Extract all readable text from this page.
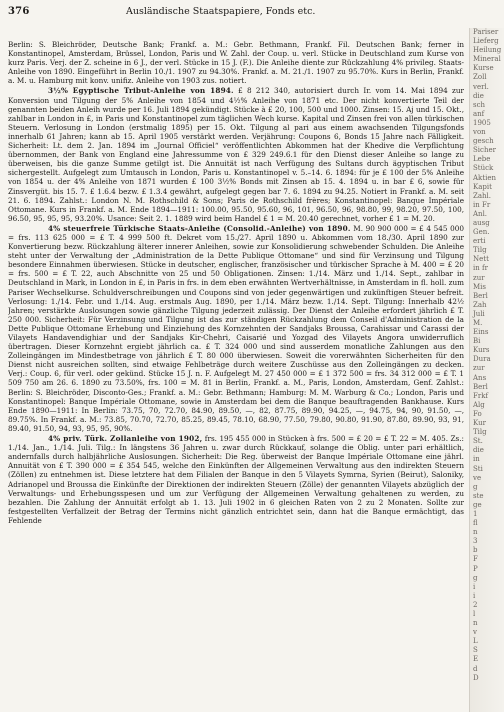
376	Ausländische Staatspapiere, Fonds etc.

Berlin: S. Bleichröder, Deutsche Bank; Frankf. a. M.: Gebr. Bethmann, Frankf. Fil. Deutschen Bank; ferner in Konstantinopel, Amsterdam, Brüssel, London, Paris und W. Zahl. der Coup. u. verl. Stücke in Deutschland zum Kurse von kurz Paris. Verj. der Z. scheine in 6 J., der verl. Stücke in 15 J. (F.). Die Anleihe diente zur Rückzahlung 4% privileg. Staats-Anleihe von 1890. Eingeführt in Berlin 10./1. 1907 zu 94.30%. Frankf. a. M. 21./1. 1907 zu 95.70%. Kurs in Berlin, Frankf. a. M. u. Hamburg mit konv. unifiz. Anleihe von 1903 zus. notiert.

3½% Egyptische Tribut-Anleihe von 1894. £ 8 212 340, autorisiert durch Ir. vom 14. Mai 1894 zur Konversion und Tilgung der 5% Anleihe von 1854 und 4½% Anleihe von 1871 etc. Der nicht konvertierte Teil der genannten beiden Anleih wurde per 16. Juli 1894 gekündigt. Stücke à £ 20, 100, 500 und 1000. Zinsen: 15. Aj und 15. Okt., zahlbar in London in £, in Paris und Konstantinopel zum täglichen Wech kurse. Kapital und Zinsen frei von allen türkischen Steuern. Verlosung in London (erstmalig 1895) per 15. Okt. Tilgung al pari aus einem awachsenden Tilgungsfonds innerhalb 61 Jahren; kann ab 15. April 1905 verstärkt werden. Verjährung: Coupons 6, Bonds 15 Jahre nach Fälligkeit. Sicherheit: Lt. dem 2. Jan. 1894 im „Journal Officiel“ veröffentlichten Abkommen hat der Khedive die Verpflichtung übernommen, der Bank von England eine Jahressumme von £ 329 249.6.1 für den Dienst dieser Anleihe so lange zu überweisen, bis die ganze Summe getilgt ist. Die Annuität ist nach Verfügung des Sultans durch ägyptischen Tribut sichergestellt. Aufgelegt zum Umtausch in London, Paris u. Konstantinopel v. 5.–14. 6. 1894: für je £ 100 der 5% Anleihe von 1854 u. der 4% Anleihe von 1871 wurden £ 100 3½% Bonds mit Zinsen ab 15. 4. 1894 u. in bar £ 6, sowie für Zinsvergüt. bis 15. 7. £ 1.6.4 bezw. £ 1.3.4 gewährt, aufgelegt gegen bar 7. 6. 1894 zu 94.25. Notiert in Frankf. a. M. seit 21. 6. 1894. Zahlst.: London N. M. Rothschild & Sons; Paris de Rothschild frères; Konstantinopel: Banque Impériale Ottomane. Kurs in Frankf. a. M. Ende 1894—1911: 100.00, 95.50, 95.60, 96, 101, 96.50, 96, 98.80, 99, 98.20, 97.50, 100, 96.50, 95, 95, 95, 93.20%. Usance: Seit 2. 1. 1889 wird beim Handel £ 1 = M. 20.40 gerechnet, vorher £ 1 = M. 20.

4% steuerfreie Türkische Staats-Anleihe (Consolid.-Anleihe) von 1890. M. 90 900 000 = £ 4 545 000 = frs. 113 625 000 = £ T. 4 999 500 ft. Dekret vom 15./27. April 1890 u. Abkommen vom 18./30. April 1890 zur Konvertierung bezw. Rückzahlung älterer innerer Anleihen, sowie zur Konsolidierung schwebender Schulden. Die Anleihe steht unter der Verwaltung der „Administration de la Dette Publique Ottomane“ und sind für Verzinsung und Tilgung besondere Einnahmen überwiesen. Stücke in deutscher, englischer, französischer und türkischer Sprache à M. 400 = £ 20 = frs. 500 = £ T. 22, auch Abschnitte von 25 und 50 Obligationen. Zinsen: 1./14. März und 1./14. Sept., zahlbar in Deutschland in Mark, in London in £, in Paris in frs. in dem eben erwähnten Wertverhältnisse, in Amsterdam in fl. holl. zum Pariser Wechselkurse. Schuldverschreibungen und Coupons sind von jeder gegenwärtigen und zukünftigen Steuer befreit. Verlosung: 1./14. Febr. und 1./14. Aug. erstmals Aug. 1890, per 1./14. März bezw. 1./14. Sept. Tilgung: Innerhalb 42½ Jahren; verstärkte Auslosungen sowie gänzliche Tilgung jederzeit zulässig. Der Dienst der Anleihe erfordert jährlich £ T. 250 000. Sicherheit: Für Verzinsung und Tilgung ist das zur ständigen Rückzahlung dem Conseil d'Administration de la Dette Publique Ottomane Erhebung und Einziehung des Kornzehnten der Sandjaks Broussa, Carahissar und Carassi der Vilayets Handavendighiar und der Sandjaks Kir-Chehri, Caisarié und Yozgad des Vilayets Angora unwiderruflich übertragen. Dieser Kornzehnt ergiebt jährlich ca. £ T. 324 000 und sind ausserdem monatliche Zahlungen aus den Zolleingängen im Mindestbetrage von jährlich £ T. 80 000 überwiesen. Soweit die vorerwähnten Sicherheiten für den Dienst nicht ausreichen sollten, sind etwaige Fehlbeträge durch weitere Zuschüsse aus den Zolleingängen zu decken. Verj.: Coup. 6, für verl. oder gekünd. Stücke 15 J. n. F. Aufgelegt M. 27 450 000 = £ 1 372 500 = frs. 34 312 000 = £ T. 1 509 750 am 26. 6. 1890 zu 73.50%, frs. 100 = M. 81 in Berlin, Frankf. a. M., Paris, London, Amsterdam, Genf. Zahlst.: Berlin: S. Bleichröder, Disconto-Ges.; Frankf. a. M.: Gebr. Bethmann; Hamburg: M. M. Warburg & Co.; London, Paris und Konstantinopel: Banque Impériale Ottomane, sowie in Amsterdam bei dem die Banque beauftragenden Bankhause. Kurs Ende 1890—1911: In Berlin: 73.75, 70, 72.70, 84.90, 89.50, —, 82, 87.75, 89.90, 94.25, —, 94.75, 94, 90, 91.50, —, 89.75%. In Frankf. a. M.: 73.85, 70.70, 72.70, 85.25, 89.45, 78.10, 68.90, 77.50, 79.80, 90.80, 91.90, 87.80, 89.90, 93, 91, 89.40, 91.50, 94, 93, 95, 95, 90%.

4% priv. Türk. Zollanleihe von 1902, frs. 195 455 000 in Stücken à frs. 500 = £ 20 = £ T. 22 = M. 405. Zs.: 1./14. Jan., 1./14. Juli. Tilg.: In längstens 36 Jahren u. zwar durch Rückkauf, solange die Oblig. unter pari erhältlich, andernfalls durch halbjährliche Auslosungen. Sicherheit: Die Reg. überweist der Banque Impériale Ottomane eine jährl. Annuität von £ T. 390 000 = £ 354 545, welche den Einkünften der Allgemeinen Verwaltung aus den indirekten Steuern (Zöllen) zu entnehmen ist. Diese letztere hat dem Filialen der Banque in den 5 Vilayets Symrna, Syrien (Beirut), Saloniky, Adrianopel und Broussa die Einkünfte der Direktionen der indirekten Steuern (Zölle) der genannten Vilayets abzüglich der Verwaltungs- und Erhebungsspesen und um zur Verfügung der Allgemeinen Verwaltung gehaltenen zu werden, zu bezahlen. Die Zahlung der Annuität erfolgt ab 1. 13. Juli 1902 in 6 gleichen Raten von 2 zu 2 Monaten. Sollte zur festgestellten Verfallzeit der Betrag der Termins nicht gänzlich entrichtet sein, dann hat die Banque ermächtigt, das Fehlende

Pariser
Lieferg
Heilung
Mineral
Kurse
Zoll
verl.
die
sch
anf
1905
von
gesch
Sicher
Lebe
Stück
Aktien
Kapit
Zahl.
in Fr
Anl.
ausg
Gen.
erti
Tilg
Nett
in fr
zur
Mis
Berl
Zah
Juli
M.
Eins
Bi
Kurs
Dura
zur
Ans
Berl
Frkf
Alg
Fo
Kur
Tilg
St.
die
in
Sti
ve
g
ste
ge
1
fl
n
3
b
F
P
g
i
i
2
l
n
v
L
S
E
d
D
